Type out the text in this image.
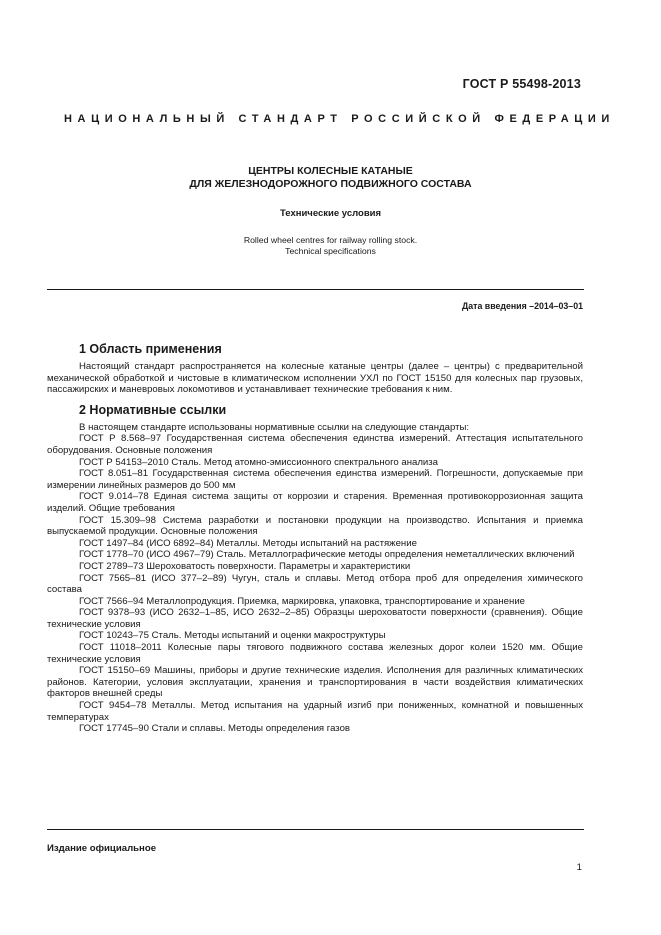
ГОСТ Р 55498-2013
НАЦИОНАЛЬНЫЙ СТАНДАРТ РОССИЙСКОЙ ФЕДЕРАЦИИ
ЦЕНТРЫ КОЛЕСНЫЕ КАТАНЫЕ
ДЛЯ ЖЕЛЕЗНОДОРОЖНОГО ПОДВИЖНОГО СОСТАВА
Технические условия
Rolled wheel centres for railway rolling stock.
Technical specifications
Дата введения –2014–03–01
1 Область применения

Настоящий стандарт распространяется на колесные катаные центры (далее – центры) с предварительной механической обработкой и чистовые в климатическом исполнении УХЛ по ГОСТ 15150 для колесных пар грузовых, пассажирских и маневровых локомотивов и устанавливает технические требования к ним.

2 Нормативные ссылки

В настоящем стандарте использованы нормативные ссылки на следующие стандарты:

ГОСТ Р 8.568–97 Государственная система обеспечения единства измерений. Аттестация испытательного оборудования. Основные положения

ГОСТ Р 54153–2010 Сталь. Метод атомно-эмиссионного спектрального анализа

ГОСТ 8.051–81 Государственная система обеспечения единства измерений. Погрешности, допускаемые при измерении линейных размеров до 500 мм

ГОСТ 9.014–78 Единая система защиты от коррозии и старения. Временная противокоррозионная защита изделий. Общие требования

ГОСТ 15.309–98 Система разработки и постановки продукции на производство. Испытания и приемка выпускаемой продукции. Основные положения

ГОСТ 1497–84 (ИСО 6892–84) Металлы. Методы испытаний на растяжение

ГОСТ 1778–70 (ИСО 4967–79) Сталь. Металлографические методы определения неметаллических включений

ГОСТ 2789–73 Шероховатость поверхности. Параметры и характеристики

ГОСТ 7565–81 (ИСО 377–2–89) Чугун, сталь и сплавы. Метод отбора проб для определения химического состава

ГОСТ 7566–94 Металлопродукция. Приемка, маркировка, упаковка, транспортирование и хранение

ГОСТ 9378–93 (ИСО 2632–1–85, ИСО 2632–2–85) Образцы шероховатости поверхности (сравнения). Общие технические условия

ГОСТ 10243–75 Сталь. Методы испытаний и оценки макроструктуры

ГОСТ 11018–2011 Колесные пары тягового подвижного состава железных дорог колеи 1520 мм. Общие технические условия

ГОСТ 15150–69 Машины, приборы и другие технические изделия. Исполнения для различных климатических районов. Категории, условия эксплуатации, хранения и транспортирования в части воздействия климатических факторов внешней среды

ГОСТ 9454–78 Металлы. Метод испытания на ударный изгиб при пониженных, комнатной и повышенных температурах

ГОСТ 17745–90 Стали и сплавы. Методы определения газов

Издание официальное
1
